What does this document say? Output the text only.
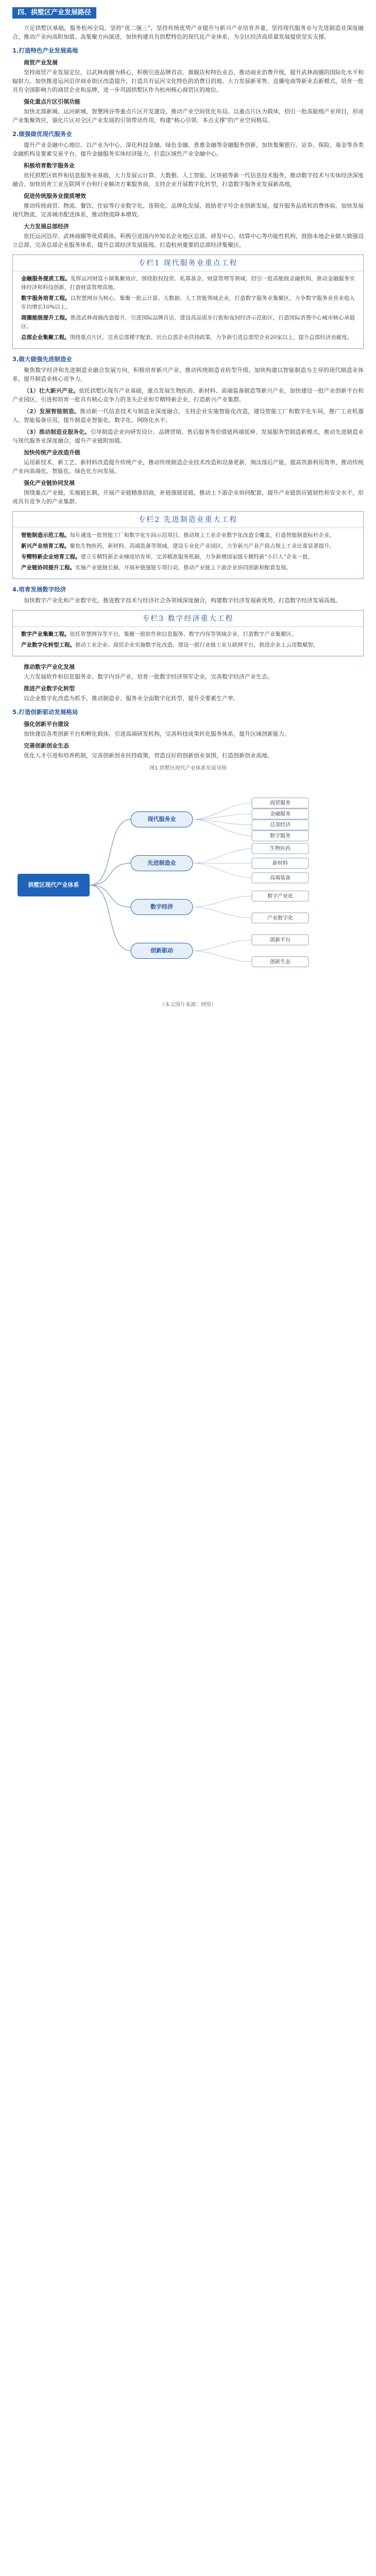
四、拱墅区产业发展路径

立足拱墅区基础，服务杭州全局，坚持“优二强三”，坚持传统优势产业提升与新兴产业培育并重，坚持现代服务业与先进制造业深度融合，推动产业向高附加值、高集聚方向演进，加快构建具有拱墅特色的现代化产业体系，为全区经济高质量发展提供坚实支撑。

1.打造特色产业发展高地
商贸产业发展

坚持商贸产业发展定位，以武林商圈为核心，积极引进品牌首店、旗舰店和特色业态，推动商业消费升级，提升武林商圈的国际化水平和辐射力。加快推进运河沿岸商业街区改造提升，打造具有运河文化特色的消费目的地。大力发展新零售、直播电商等新业态新模式，培育一批具有全国影响力的商贸企业和品牌，进一步巩固拱墅区作为杭州核心商贸区的地位。

强化重点片区引领功能

加快北部新城、运河新城、智慧网谷等重点片区开发建设，推动产业空间优化布局。以重点片区为载体，招引一批高能级产业项目，形成产业集聚效应，强化片区对全区产业发展的引领带动作用，构建“核心引领、多点支撑”的产业空间格局。

2.做强做优现代服务业

提升产业金融中心地位。以产业为中心，深化科技金融、绿色金融、普惠金融等金融服务创新，加快集聚银行、证券、保险、基金等各类金融机构及要素交易平台，提升金融服务实体经济能力，打造区域性产业金融中心。

积极培育数字服务业

依托拱墅区软件和信息服务业基础，大力发展云计算、大数据、人工智能、区块链等新一代信息技术服务，推动数字技术与实体经济深度融合。加快培育工业互联网平台和行业解决方案服务商，支持企业开展数字化转型，打造数字服务业发展新高地。

促进传统服务业提质增效

推动传统商贸、物流、餐饮、住宿等行业数字化、连锁化、品牌化发展，鼓励老字号企业创新发展，提升服务品质和消费体验。加快发展现代物流，完善城市配送体系，推动物流降本增效。

大力发展总部经济

依托运河沿岸、武林商圈等优质载体，积极引进国内外知名企业地区总部、研发中心、结算中心等功能性机构，鼓励本地企业做大做强设立总部，完善总部企业服务体系，提升总部经济发展能级，打造杭州重要的总部经济集聚区。

专栏1 现代服务业重点工程
金融服务提质工程。发挥运河财富小镇集聚效应，围绕股权投资、私募基金、财富管理等领域，招引一批高能级金融机构，推动金融服务实体经济和科技创新，打造财富管理高地。
数字服务培育工程。以智慧网谷为核心，集聚一批云计算、大数据、人工智能领域企业，打造数字服务业集聚区，力争数字服务业营业收入年均增长10%以上。
商圈能级提升工程。推进武林商圈改造提升，引进国际品牌首店，建设高品质步行街和夜间经济示范街区，打造国际消费中心城市核心承载区。
总部企业集聚工程。围绕重点片区，完善总部楼宇配套，出台总部企业扶持政策，力争新引进总部型企业20家以上，提升总部经济贡献度。
3.做大做强先进制造业

聚焦数字经济和先进制造业融合发展方向，积极培育新兴产业，推动传统制造业转型升级，加快构建以智能制造为主导的现代制造业体系，提升制造业核心竞争力。

（1）壮大新兴产业。依托拱墅区现有产业基础，重点发展生物医药、新材料、高端装备制造等新兴产业，加快建设一批产业创新平台和产业园区，引进和培育一批具有核心竞争力的龙头企业和专精特新企业，打造新兴产业集群。

（2）发展智能制造。推动新一代信息技术与制造业深度融合，支持企业实施智能化改造，建设智能工厂和数字化车间，推广工业机器人、智能装备应用，提升制造业智能化、数字化、网络化水平。

（3）推动制造业服务化。引导制造企业向研发设计、品牌营销、售后服务等价值链两端延伸，发展服务型制造新模式，推动先进制造业与现代服务业深度融合，提升产业链附加值。

加快传统产业改造升级

运用新技术、新工艺、新材料改造提升传统产业，推动传统制造企业技术改造和设备更新，淘汰落后产能，提高资源利用效率，推动传统产业向高端化、智能化、绿色化方向发展。

强化产业链协同发展

围绕重点产业链，实施链长制，开展产业链精准招商，补链强链延链，推动上下游企业协同配套，提升产业链供应链韧性和安全水平，形成具有竞争力的产业集群。

专栏2 先进制造业重大工程
智能制造示范工程。每年遴选一批智能工厂和数字化车间示范项目，推动规上工业企业数字化改造全覆盖，打造智能制造标杆企业。
新兴产业培育工程。聚焦生物医药、新材料、高端装备等领域，建设专业化产业园区，力争新兴产业产值占规上工业比重显著提升。
专精特新企业培育工程。建立专精特新企业梯度培育库，完善精准服务机制，力争新增国家级专精特新“小巨人”企业一批。
产业链协同提升工程。实施产业链链长制，开展补链强链专项行动，推动产业链上下游企业协同创新和配套发展。
4.培育发展数字经济

加快数字产业化和产业数字化，推进数字技术与经济社会各领域深度融合，构建数字经济发展新优势，打造数字经济发展高地。

专栏3 数字经济重大工程
数字产业集聚工程。依托智慧网谷等平台，集聚一批软件和信息服务、数字内容等领域企业，打造数字产业集聚区。
产业数字化转型工程。推动工业企业、商贸企业实施数字化改造，建设一批行业级工业互联网平台，推进企业上云用数赋智。
推动数字产业化发展

大力发展软件和信息服务业、数字内容产业，培育一批数字经济领军企业，完善数字经济产业生态。

推进产业数字化转型

以企业数字化改造为抓手，推动制造业、服务业全面数字化转型，提升全要素生产率。

5.打造创新驱动发展格局
强化创新平台建设

加快建设各类创新平台和孵化载体，引进高端研发机构，完善科技成果转化服务体系，提升区域创新能力。

完善创新创业生态

优化人才引进和培养机制，完善创新创业扶持政策，营造良好的创新创业氛围，打造创新创业高地。

图1 拱墅区现代产业体系发展导图
拱墅区现代产业体系
现代服务业
商贸服务
金融服务
总部经济
数字服务
先进制造业
生物医药
新材料
高端装备
数字经济
数字产业化
产业数字化
创新驱动
创新平台
创新生态
（本文图片来源：网络）
